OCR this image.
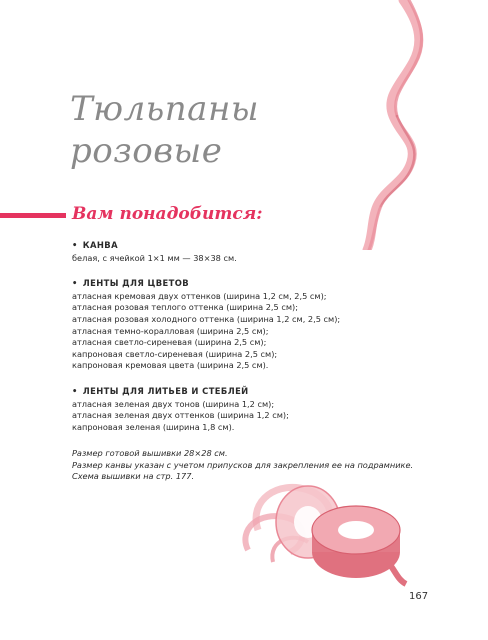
Тюльпаны
розовые
Вам понадобится:
• КАНВА
белая, с ячейкой 1×1 мм — 38×38 см.
• ЛЕНТЫ ДЛЯ ЦВЕТОВ
атласная кремовая двух оттенков (ширина 1,2 см, 2,5 см);
атласная розовая теплого оттенка (ширина 2,5 см);
атласная розовая холодного оттенка (ширина 1,2 см, 2,5 см);
атласная темно-коралловая (ширина 2,5 см);
атласная светло-сиреневая (ширина 2,5 см);
капроновая светло-сиреневая (ширина 2,5 см);
капроновая кремовая цвета (ширина 2,5 см).
• ЛЕНТЫ ДЛЯ ЛИТЬЕВ И СТЕБЛЕЙ
атласная зеленая двух тонов (ширина 1,2 см);
атласная зеленая двух оттенков (ширина 1,2 см);
капроновая зеленая (ширина 1,8 см).
Размер готовой вышивки 28×28 см.
Размер канвы указан с учетом припусков для закрепления ее на подрамнике.
Схема вышивки на стр. 177.
167
